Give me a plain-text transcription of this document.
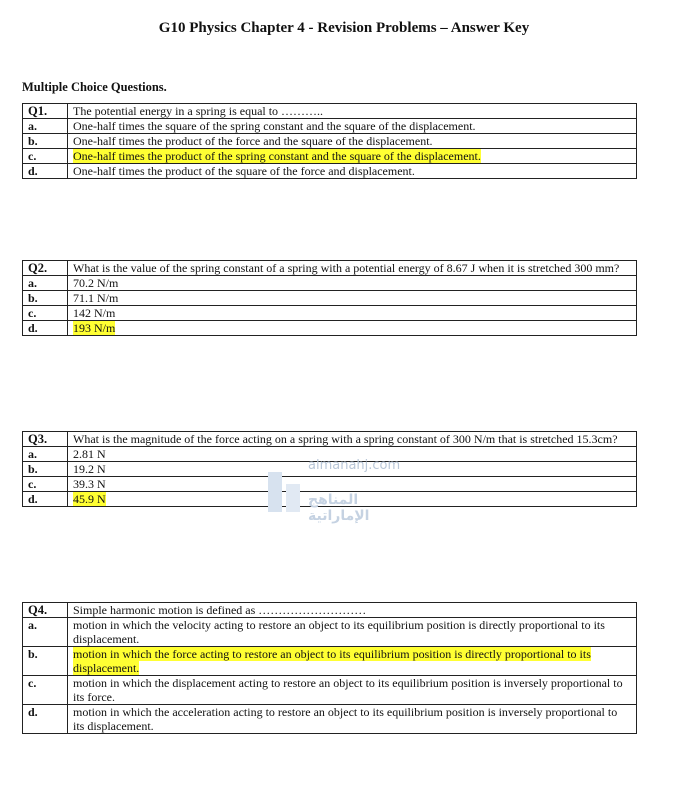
G10 Physics Chapter 4 - Revision Problems – Answer Key
Multiple Choice Questions.
Q1.	The potential energy in a spring is equal to ………..
a.	One-half times the square of the spring constant and the square of the displacement.
b.	One-half times the product of the force and the square of the displacement.
c.	One-half times the product of the spring constant and the square of the displacement.
d.	One-half times the product of the square of the force and displacement.
Q2.	What is the value of the spring constant of a spring with a potential energy of 8.67 J when it is stretched 300 mm?
a.	70.2 N/m
b.	71.1 N/m
c.	142 N/m
d.	193 N/m
Q3.	What is the magnitude of the force acting on a spring with a spring constant of 300 N/m that is stretched 15.3cm?
a.	2.81 N
b.	19.2 N
c.	39.3 N
d.	45.9 N
Q4.	Simple harmonic motion is defined as ………………………
a.	motion in which the velocity acting to restore an object to its equilibrium position is directly proportional to its displacement.
b.	motion in which the force acting to restore an object to its equilibrium position is directly proportional to its displacement.
c.	motion in which the displacement acting to restore an object to its equilibrium position is inversely proportional to its force.
d.	motion in which the acceleration acting to restore an object to its equilibrium position is inversely proportional to its displacement.
almanahj.com
المناهج الإماراتية
